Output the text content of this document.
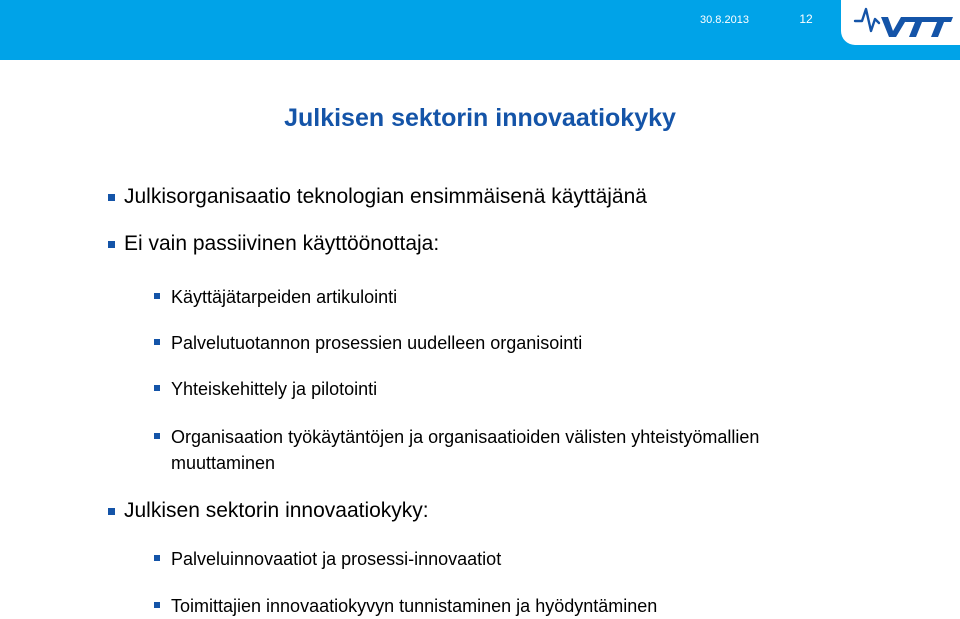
30.8.2013	12
Julkisen sektorin innovaatiokyky
Julkisorganisaatio teknologian ensimmäisenä käyttäjänä
Ei vain passiivinen käyttöönottaja:
Käyttäjätarpeiden artikulointi
Palvelutuotannon prosessien uudelleen organisointi
Yhteiskehittely ja pilotointi
Organisaation työkäytäntöjen ja organisaatioiden välisten yhteistyömallien muuttaminen
Julkisen sektorin innovaatiokyky:
Palveluinnovaatiot ja prosessi-innovaatiot
Toimittajien innovaatiokyvyn tunnistaminen ja hyödyntäminen
